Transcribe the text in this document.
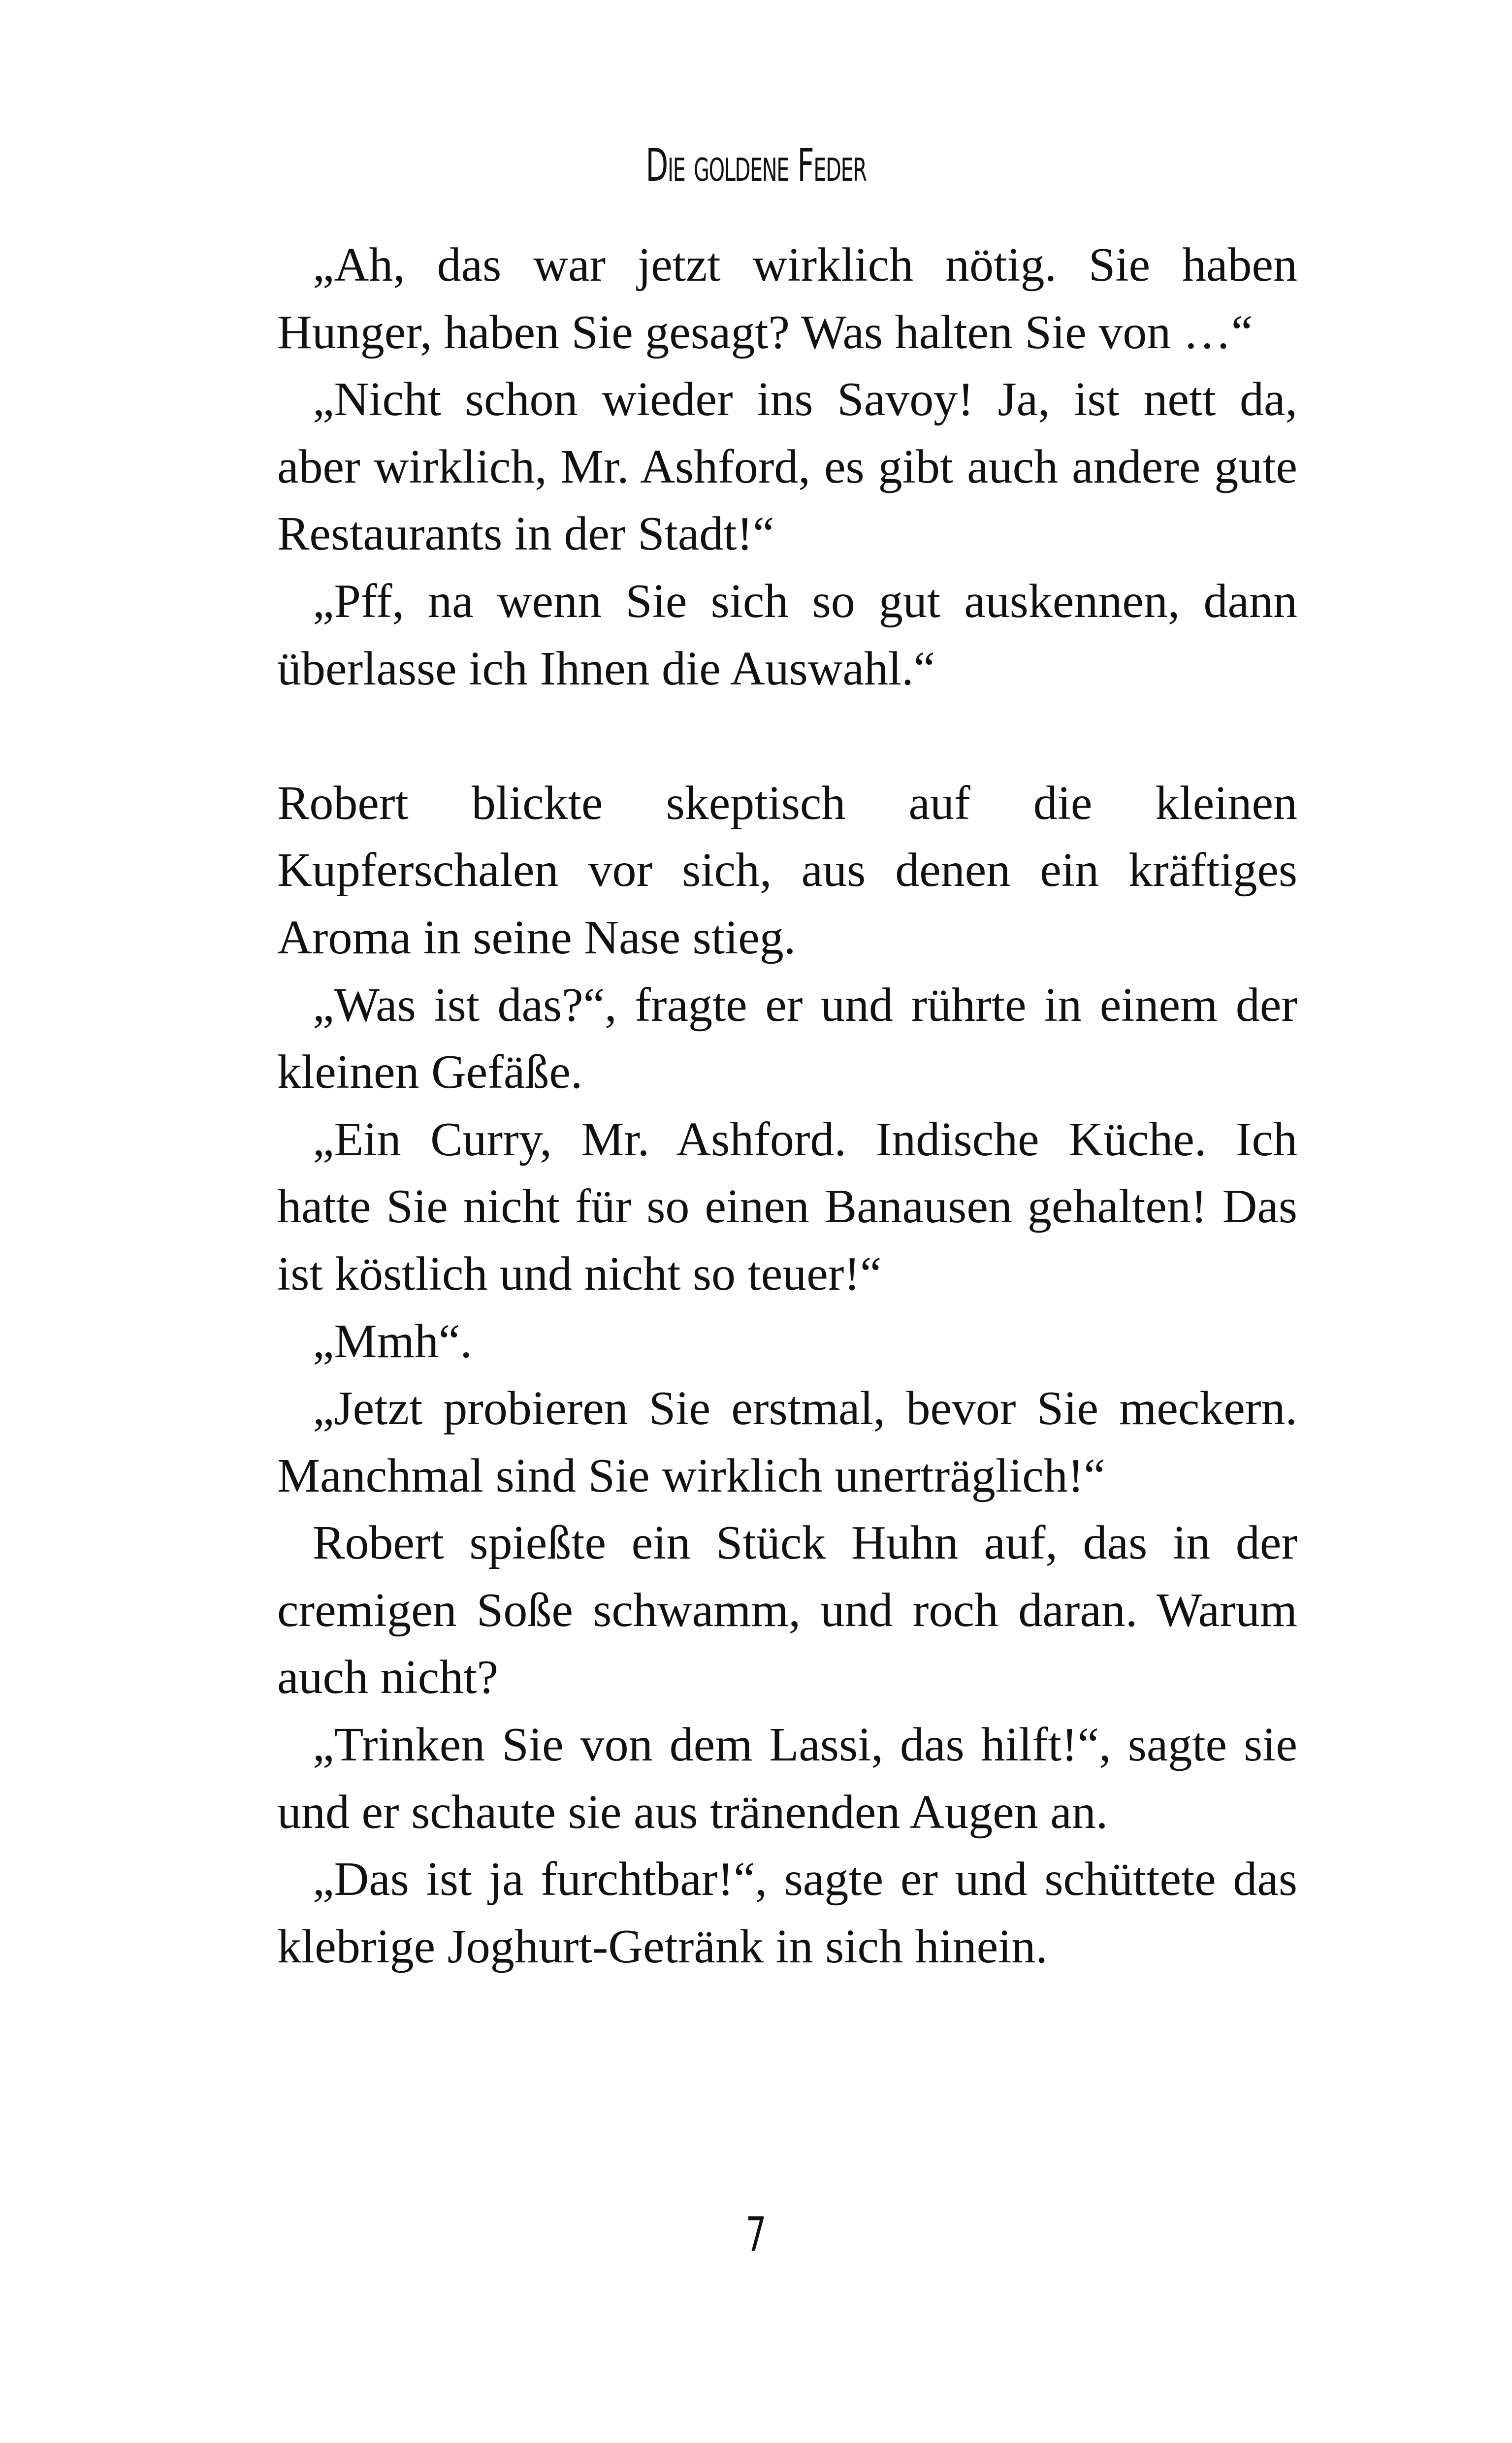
Die goldene Feder

„Ah, das war jetzt wirklich nötig. Sie haben Hunger, haben Sie gesagt? Was halten Sie von …“

„Nicht schon wieder ins Savoy! Ja, ist nett da, aber wirklich, Mr. Ashford, es gibt auch andere gute Restaurants in der Stadt!“

„Pff, na wenn Sie sich so gut auskennen, dann überlasse ich Ihnen die Auswahl.“

Robert blickte skeptisch auf die kleinen Kupferschalen vor sich, aus denen ein kräftiges Aroma in seine Nase stieg.

„Was ist das?“, fragte er und rührte in einem der kleinen Gefäße.

„Ein Curry, Mr. Ashford. Indische Küche. Ich hatte Sie nicht für so einen Banausen gehalten! Das ist köstlich und nicht so teuer!“

„Mmh“.

„Jetzt probieren Sie erstmal, bevor Sie meckern. Manchmal sind Sie wirklich unerträglich!“

Robert spießte ein Stück Huhn auf, das in der cremigen Soße schwamm, und roch daran. Warum auch nicht?

„Trinken Sie von dem Lassi, das hilft!“, sagte sie und er schaute sie aus tränenden Augen an.

„Das ist ja furchtbar!“, sagte er und schüttete das klebrige Joghurt-Getränk in sich hinein.

7
